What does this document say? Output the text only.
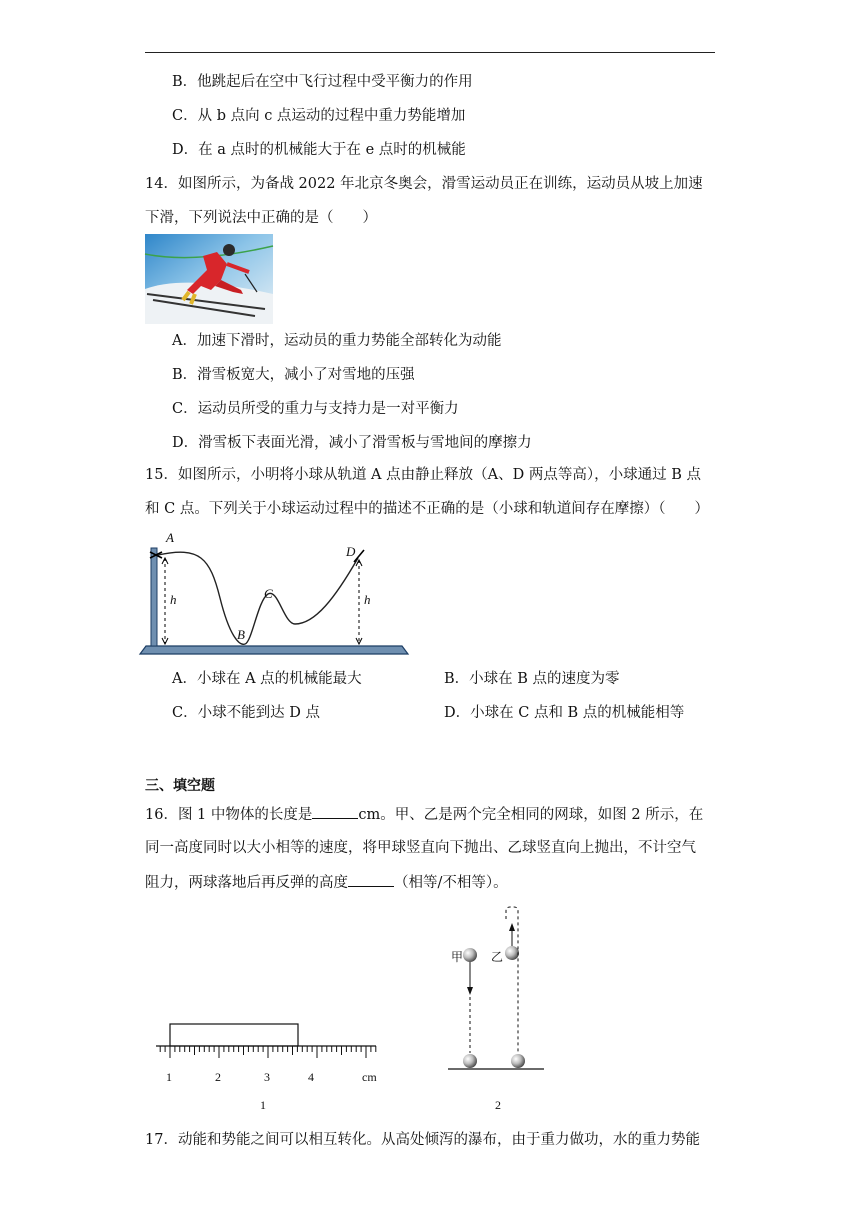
B．他跳起后在空中飞行过程中受平衡力的作用
C．从 b 点向 c 点运动的过程中重力势能增加
D．在 a 点时的机械能大于在 e 点时的机械能
14．如图所示，为备战 2022 年北京冬奥会，滑雪运动员正在训练，运动员从坡上加速
下滑，下列说法中正确的是（　　）
A．加速下滑时，运动员的重力势能全部转化为动能
B．滑雪板宽大，减小了对雪地的压强
C．运动员所受的重力与支持力是一对平衡力
D．滑雪板下表面光滑，减小了滑雪板与雪地间的摩擦力
15．如图所示，小明将小球从轨道 A 点由静止释放（A、D 两点等高），小球通过 B 点
和 C 点。下列关于小球运动过程中的描述不正确的是（小球和轨道间存在摩擦）（　　）
A
B
C
D
h	h
A．小球在 A 点的机械能最大	B．小球在 B 点的速度为零
C．小球不能到达 D 点	D．小球在 C 点和 B 点的机械能相等
三、填空题
16．图 1 中物体的长度是	cm。甲、乙是两个完全相同的网球，如图 2 所示，在
同一高度同时以大小相等的速度，将甲球竖直向下抛出、乙球竖直向上抛出，不计空气
阻力，两球落地后再反弹的高度	（相等/不相等）。
1	2	3	4	cm
1
甲 乙
2
17．动能和势能之间可以相互转化。从高处倾泻的瀑布，由于重力做功，水的重力势能
